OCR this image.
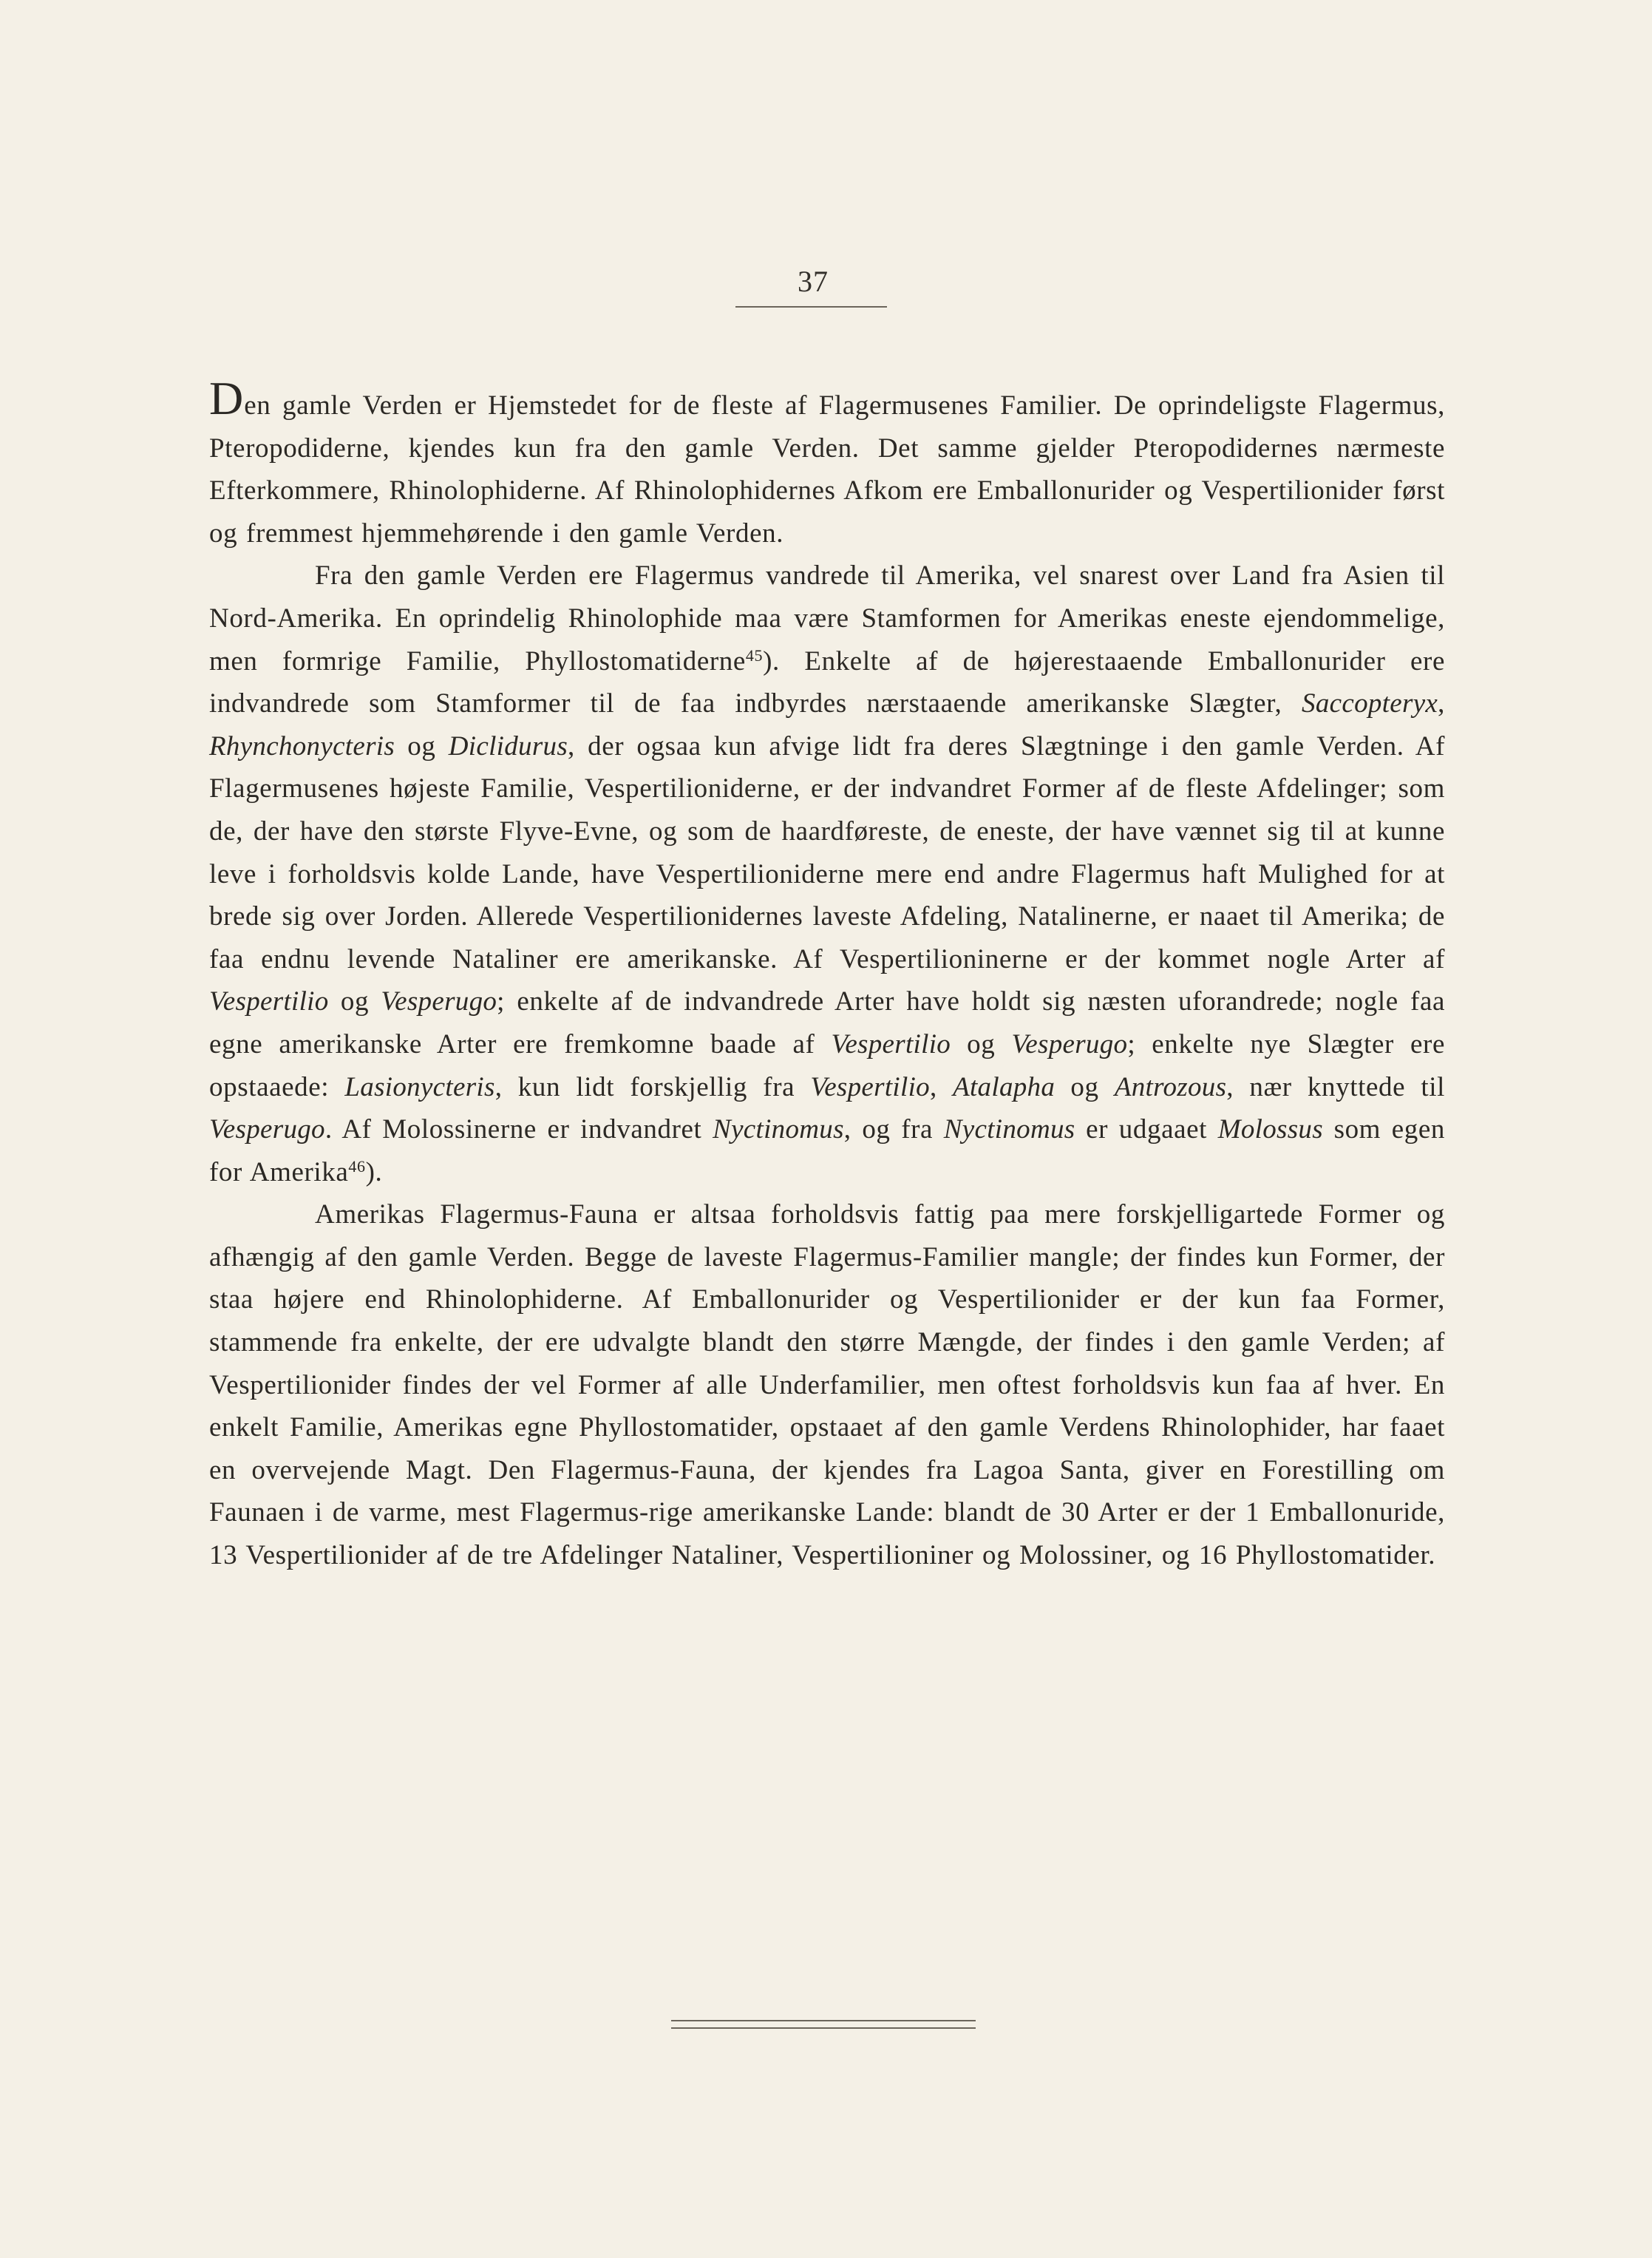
37

Den gamle Verden er Hjemstedet for de fleste af Flagermusenes Familier. De oprindeligste Flagermus, Pteropodiderne, kjendes kun fra den gamle Verden. Det samme gjelder Pteropodidernes nærmeste Efterkommere, Rhinolophiderne. Af Rhinolophidernes Afkom ere Emballonurider og Vespertilionider først og fremmest hjemmehørende i den gamle Verden.

Fra den gamle Verden ere Flagermus vandrede til Amerika, vel snarest over Land fra Asien til Nord-Amerika. En oprindelig Rhinolophide maa være Stamformen for Amerikas eneste ejendommelige, men formrige Familie, Phyllostomatiderne$^{45}$). Enkelte af de højerestaaende Emballonurider ere indvandrede som Stamformer til de faa indbyrdes nærstaaende amerikanske Slægter, Saccopteryx, Rhynchonycteris og Diclidurus, der ogsaa kun afvige lidt fra deres Slægtninge i den gamle Verden. Af Flagermusenes højeste Familie, Vespertilioniderne, er der indvandret Former af de fleste Afdelinger; som de, der have den største Flyve-Evne, og som de haardføreste, de eneste, der have vænnet sig til at kunne leve i forholdsvis kolde Lande, have Vespertilioniderne mere end andre Flagermus haft Mulighed for at brede sig over Jorden. Allerede Vespertilionidernes laveste Afdeling, Natalinerne, er naaet til Amerika; de faa endnu levende Nataliner ere amerikanske. Af Vespertilioninerne er der kommet nogle Arter af Vespertilio og Vesperugo; enkelte af de indvandrede Arter have holdt sig næsten uforandrede; nogle faa egne amerikanske Arter ere fremkomne baade af Vespertilio og Vesperugo; enkelte nye Slægter ere opstaaede: Lasionycteris, kun lidt forskjellig fra Vespertilio, Atalapha og Antrozous, nær knyttede til Vesperugo. Af Molossinerne er indvandret Nyctinomus, og fra Nyctinomus er udgaaet Molossus som egen for Amerika$^{46}$).

Amerikas Flagermus-Fauna er altsaa forholdsvis fattig paa mere forskjelligartede Former og afhængig af den gamle Verden. Begge de laveste Flagermus-Familier mangle; der findes kun Former, der staa højere end Rhinolophiderne. Af Emballonurider og Vespertilionider er der kun faa Former, stammende fra enkelte, der ere udvalgte blandt den større Mængde, der findes i den gamle Verden; af Vespertilionider findes der vel Former af alle Underfamilier, men oftest forholdsvis kun faa af hver. En enkelt Familie, Amerikas egne Phyllostomatider, opstaaet af den gamle Verdens Rhinolophider, har faaet en overvejende Magt. Den Flagermus-Fauna, der kjendes fra Lagoa Santa, giver en Forestilling om Faunaen i de varme, mest Flagermus-rige amerikanske Lande: blandt de 30 Arter er der 1 Emballonuride, 13 Vespertilionider af de tre Afdelinger Nataliner, Vespertilioniner og Molossiner, og 16 Phyllostomatider.
